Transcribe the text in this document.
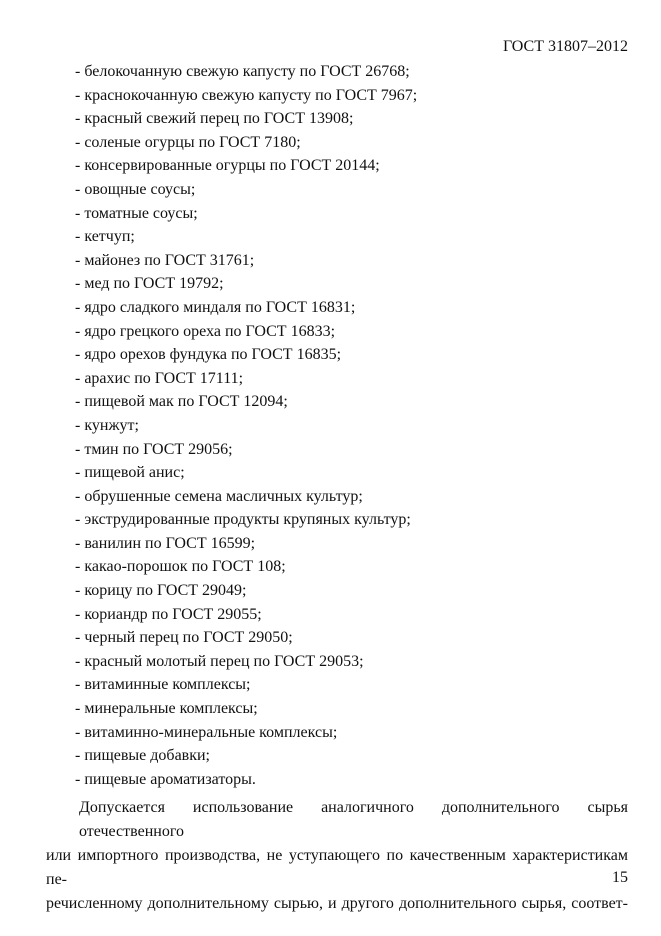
ГОСТ 31807–2012
- белокочанную свежую капусту по ГОСТ 26768;
- краснокочанную свежую капусту по ГОСТ 7967;
- красный свежий перец по ГОСТ 13908;
- соленые огурцы по ГОСТ 7180;
- консервированные огурцы по ГОСТ 20144;
- овощные соусы;
- томатные соусы;
- кетчуп;
- майонез по ГОСТ 31761;
- мед по ГОСТ 19792;
- ядро сладкого миндаля по ГОСТ 16831;
- ядро грецкого ореха по ГОСТ 16833;
- ядро орехов фундука по ГОСТ 16835;
- арахис по ГОСТ 17111;
- пищевой мак по ГОСТ 12094;
- кунжут;
- тмин по ГОСТ 29056;
- пищевой анис;
- обрушенные семена масличных культур;
- экструдированные продукты крупяных культур;
- ванилин по ГОСТ 16599;
- какао-порошок по ГОСТ 108;
- корицу по ГОСТ 29049;
- кориандр по ГОСТ 29055;
- черный перец по ГОСТ 29050;
- красный молотый перец по ГОСТ 29053;
- витаминные комплексы;
- минеральные комплексы;
- витаминно-минеральные комплексы;
- пищевые добавки;
- пищевые ароматизаторы.
Допускается использование аналогичного дополнительного сырья отечественного
или импортного производства, не уступающего по качественным характеристикам пе-
речисленному дополнительному сырью, и другого дополнительного сырья, соответ-
15
